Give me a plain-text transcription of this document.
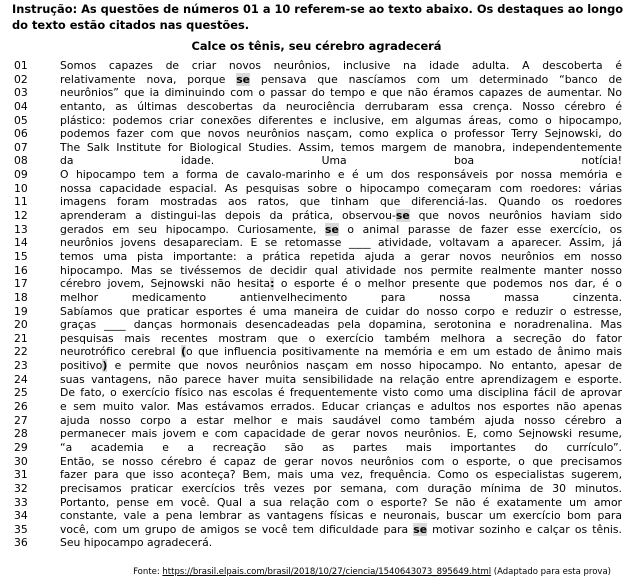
Instrução: As questões de números 01 a 10 referem-se ao texto abaixo. Os destaques ao longo do texto estão citados nas questões.

Calce os tênis, seu cérebro agradecerá
01	Somos capazes de criar novos neurônios, inclusive na idade adulta. A descoberta é
02	relativamente nova, porque se pensava que nascíamos com um determinado “banco de
03	neurônios” que ia diminuindo com o passar do tempo e que não éramos capazes de aumentar. No
04	entanto, as últimas descobertas da neurociência derrubaram essa crença. Nosso cérebro é
05	plástico: podemos criar conexões diferentes e inclusive, em algumas áreas, como o hipocampo,
06	podemos fazer com que novos neurônios nasçam, como explica o professor Terry Sejnowski, do
07	The Salk Institute for Biological Studies. Assim, temos margem de manobra, independentemente
08	da idade. Uma boa notícia!
09	O hipocampo tem a forma de cavalo-marinho e é um dos responsáveis por nossa memória e
10	nossa capacidade espacial. As pesquisas sobre o hipocampo começaram com roedores: várias
11	imagens foram mostradas aos ratos, que tinham que diferenciá-las. Quando os roedores
12	aprenderam a distingui-las depois da prática, observou-se que novos neurônios haviam sido
13	gerados em seu hipocampo. Curiosamente, se o animal parasse de fazer esse exercício, os
14	neurônios jovens desapareciam. E se retomasse ____ atividade, voltavam a aparecer. Assim, já
15	temos uma pista importante: a prática repetida ajuda a gerar novos neurônios em nosso
16	hipocampo. Mas se tivéssemos de decidir qual atividade nos permite realmente manter nosso
17	cérebro jovem, Sejnowski não hesita: o esporte é o melhor presente que podemos nos dar, é o
18	melhor medicamento antienvelhecimento para nossa massa cinzenta.
19	Sabíamos que praticar esportes é uma maneira de cuidar do nosso corpo e reduzir o estresse,
20	graças ____ danças hormonais desencadeadas pela dopamina, serotonina e noradrenalina. Mas
21	pesquisas mais recentes mostram que o exercício também melhora a secreção do fator
22	neurotrófico cerebral (o que influencia positivamente na memória e em um estado de ânimo mais
23	positivo) e permite que novos neurônios nasçam em nosso hipocampo. No entanto, apesar de
24	suas vantagens, não parece haver muita sensibilidade na relação entre aprendizagem e esporte.
25	De fato, o exercício físico nas escolas é frequentemente visto como uma disciplina fácil de aprovar
26	e sem muito valor. Mas estávamos errados. Educar crianças e adultos nos esportes não apenas
27	ajuda nosso corpo a estar melhor e mais saudável como também ajuda nosso cérebro a
28	permanecer mais jovem e com capacidade de gerar novos neurônios. E, como Sejnowski resume,
29	“a academia e a recreação são as partes mais importantes do currículo”.
30	Então, se nosso cérebro é capaz de gerar novos neurônios com o esporte, o que precisamos
31	fazer para que isso aconteça? Bem, mais uma vez, frequência. Como os especialistas sugerem,
32	precisamos praticar exercícios três vezes por semana, com duração mínima de 30 minutos.
33	Portanto, pense em você. Qual a sua relação com o esporte? Se não é exatamente um amor
34	constante, vale a pena lembrar as vantagens físicas e neuronais, buscar um exercício bom para
35	você, com um grupo de amigos se você tem dificuldade para se motivar sozinho e calçar os tênis.
36	Seu hipocampo agradecerá.

Fonte: https://brasil.elpais.com/brasil/2018/10/27/ciencia/1540643073_895649.html (Adaptado para esta prova)
